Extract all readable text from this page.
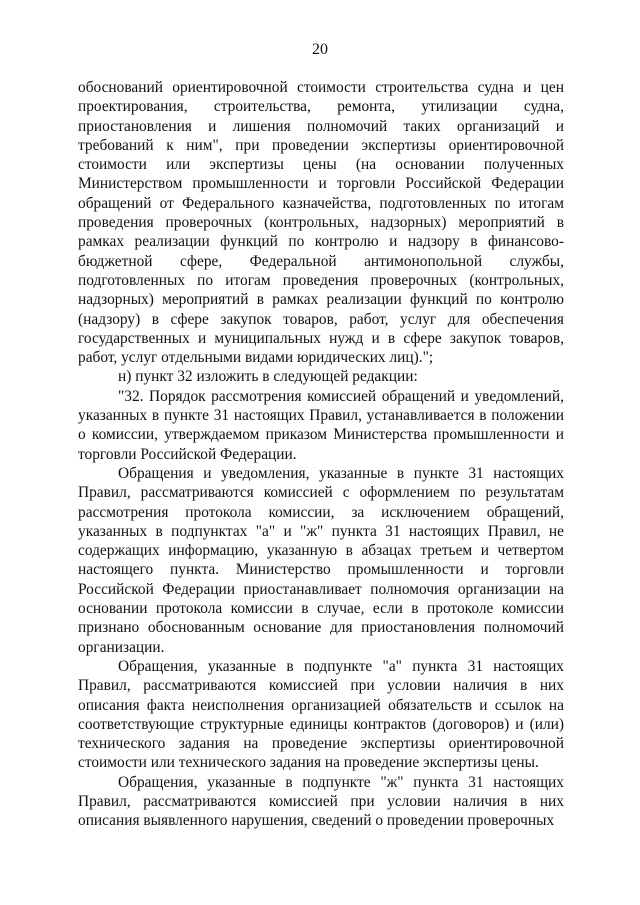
20

обоснований ориентировочной стоимости строительства судна и цен проектирования, строительства, ремонта, утилизации судна, приостановления и лишения полномочий таких организаций и требований к ним", при проведении экспертизы ориентировочной стоимости или экспертизы цены (на основании полученных Министерством промышленности и торговли Российской Федерации обращений от Федерального казначейства, подготовленных по итогам проведения проверочных (контрольных, надзорных) мероприятий в рамках реализации функций по контролю и надзору в финансово-бюджетной сфере, Федеральной антимонопольной службы, подготовленных по итогам проведения проверочных (контрольных, надзорных) мероприятий в рамках реализации функций по контролю (надзору) в сфере закупок товаров, работ, услуг для обеспечения государственных и муниципальных нужд и в сфере закупок товаров, работ, услуг отдельными видами юридических лиц).";

н) пункт 32 изложить в следующей редакции:

"32. Порядок рассмотрения комиссией обращений и уведомлений, указанных в пункте 31 настоящих Правил, устанавливается в положении о комиссии, утверждаемом приказом Министерства промышленности и торговли Российской Федерации.

Обращения и уведомления, указанные в пункте 31 настоящих Правил, рассматриваются комиссией с оформлением по результатам рассмотрения протокола комиссии, за исключением обращений, указанных в подпунктах "а" и "ж" пункта 31 настоящих Правил, не содержащих информацию, указанную в абзацах третьем и четвертом настоящего пункта. Министерство промышленности и торговли Российской Федерации приостанавливает полномочия организации на основании протокола комиссии в случае, если в протоколе комиссии признано обоснованным основание для приостановления полномочий организации.

Обращения, указанные в подпункте "а" пункта 31 настоящих Правил, рассматриваются комиссией при условии наличия в них описания факта неисполнения организацией обязательств и ссылок на соответствующие структурные единицы контрактов (договоров) и (или) технического задания на проведение экспертизы ориентировочной стоимости или технического задания на проведение экспертизы цены.

Обращения, указанные в подпункте "ж" пункта 31 настоящих Правил, рассматриваются комиссией при условии наличия в них описания выявленного нарушения, сведений о проведении проверочных
